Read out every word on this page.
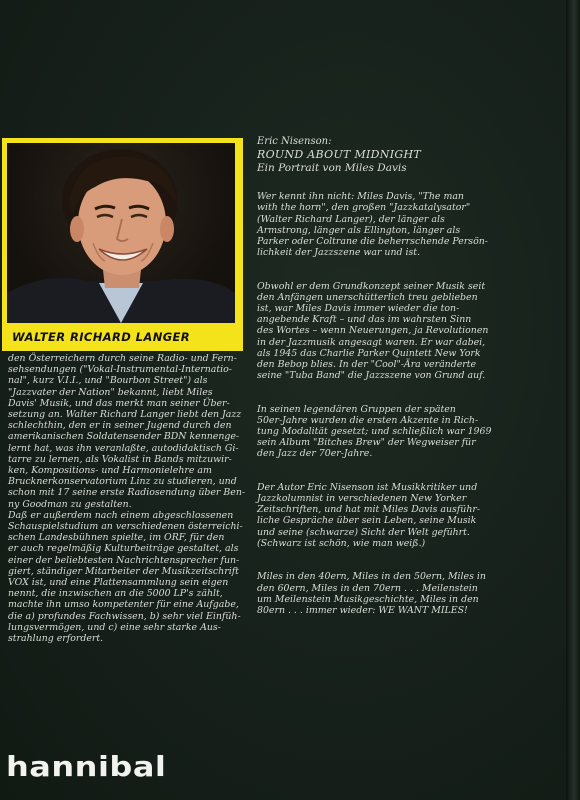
WALTER RICHARD LANGER
den Österreichern durch seine Radio- und Fern-
sehsendungen ("Vokal-Instrumental-Internatio-
nal", kurz V.I.I., und "Bourbon Street") als
"Jazzvater der Nation" bekannt, liebt Miles
Davis' Musik, und das merkt man seiner Über-
setzung an. Walter Richard Langer liebt den Jazz
schlechthin, den er in seiner Jugend durch den
amerikanischen Soldatensender BDN kennenge-
lernt hat, was ihn veranlaßte, autodidaktisch Gi-
tarre zu lernen, als Vokalist in Bands mitzuwir-
ken, Kompositions- und Harmonielehre am
Brucknerkonservatorium Linz zu studieren, und
schon mit 17 seine erste Radiosendung über Ben-
ny Goodman zu gestalten.
Daß er außerdem nach einem abgeschlossenen
Schauspielstudium an verschiedenen österreichi-
schen Landesbühnen spielte, im ORF, für den
er auch regelmäßig Kulturbeiträge gestaltet, als
einer der beliebtesten Nachrichtensprecher fun-
giert, ständiger Mitarbeiter der Musikzeitschrift
VOX ist, und eine Plattensammlung sein eigen
nennt, die inzwischen an die 5000 LP's zählt,
machte ihn umso kompetenter für eine Aufgabe,
die a) profundes Fachwissen, b) sehr viel Einfüh-
lungsvermögen, und c) eine sehr starke Aus-
strahlung erfordert.
Eric Nisenson:
ROUND ABOUT MIDNIGHT
Ein Portrait von Miles Davis

Wer kennt ihn nicht: Miles Davis, "The man
with the horn", den großen "Jazzkatalysator"
(Walter Richard Langer), der länger als
Armstrong, länger als Ellington, länger als
Parker oder Coltrane die beherrschende Persön-
lichkeit der Jazzszene war und ist.

Obwohl er dem Grundkonzept seiner Musik seit
den Anfängen unerschütterlich treu geblieben
ist, war Miles Davis immer wieder die ton-
angebende Kraft – und das im wahrsten Sinn
des Wortes – wenn Neuerungen, ja Revolutionen
in der Jazzmusik angesagt waren. Er war dabei,
als 1945 das Charlie Parker Quintett New York
den Bebop blies. In der "Cool"-Ära veränderte
seine "Tuba Band" die Jazzszene von Grund auf.

In seinen legendären Gruppen der späten
50er-Jahre wurden die ersten Akzente in Rich-
tung Modalität gesetzt; und schließlich war 1969
sein Album "Bitches Brew" der Wegweiser für
den Jazz der 70er-Jahre.

Der Autor Eric Nisenson ist Musikkritiker und
Jazzkolumnist in verschiedenen New Yorker
Zeitschriften, und hat mit Miles Davis ausführ-
liche Gespräche über sein Leben, seine Musik
und seine (schwarze) Sicht der Welt geführt.
(Schwarz ist schön, wie man weiß.)

Miles in den 40ern, Miles in den 50ern, Miles in
den 60ern, Miles in den 70ern . . . Meilenstein
um Meilenstein Musikgeschichte, Miles in den
80ern . . . immer wieder: WE WANT MILES!

hannibal
